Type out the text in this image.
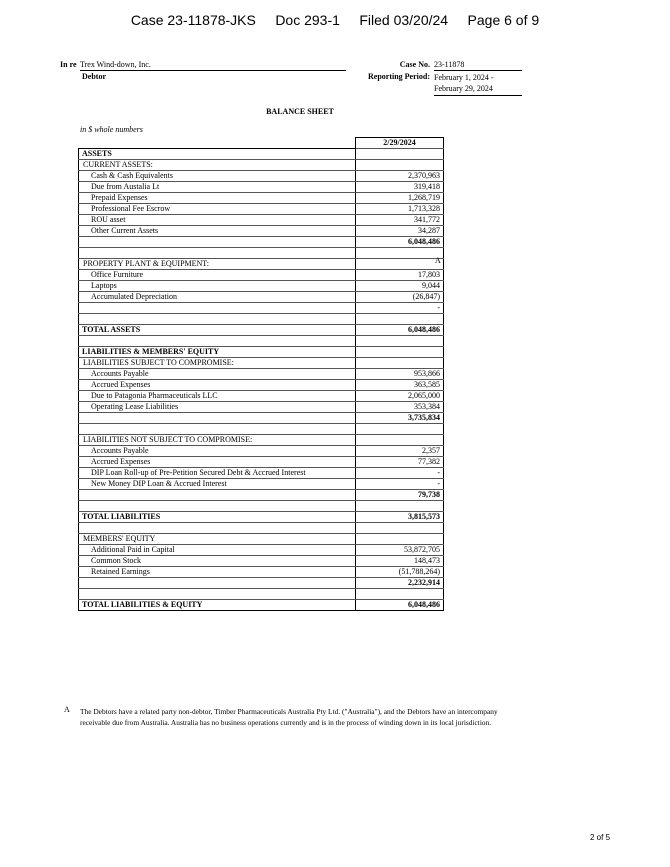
Case 23-11878-JKS Doc 293-1 Filed 03/20/24 Page 6 of 9
In re Trex Wind-down, Inc.
Debtor
Case No. 23-11878
Reporting Period: February 1, 2024 -
February 29, 2024
BALANCE SHEET
in $ whole numbers
	2/29/2024
ASSETS	
CURRENT ASSETS:	
Cash & Cash Equivalents	2,370,963
Due from Austalia Lt	319,418
Prepaid Expenses	1,268,719
Professional Fee Escrow	1,713,328
ROU asset	341,772
Other Current Assets	34,287
	6,048,486

PROPERTY PLANT & EQUIPMENT:	
Office Furniture	17,803
Laptops	9,044
Accumulated Depreciation	(26,847)
	-

TOTAL ASSETS	6,048,486

LIABILITIES & MEMBERS' EQUITY	
LIABILITIES SUBJECT TO COMPROMISE:	
Accounts Payable	953,866
Accrued Expenses	363,585
Due to Patagonia Pharmaceuticals LLC	2,065,000
Operating Lease Liabilities	353,384
	3,735,834

LIABILITIES NOT SUBJECT TO COMPROMISE:	
Accounts Payable	2,357
Accrued Expenses	77,382
DIP Loan Roll-up of Pre-Petition Secured Debt & Accrued Interest	-
New Money DIP Loan & Accrued Interest	-
	79,738

TOTAL LIABILITIES	3,815,573

MEMBERS' EQUITY	
Additional Paid in Capital	53,872,705
Common Stock	148,473
Retained Earnings	(51,788,264)
	2,232,914

TOTAL LIABILITIES & EQUITY	6,048,486
A
A The Debtors have a related party non-debtor, Timber Pharmaceuticals Australia Pty Ltd. ("Australia"), and the Debtors have an intercompany receivable due from Australia. Australia has no business operations currently and is in the process of winding down in its local jurisdiction.
2 of 5
